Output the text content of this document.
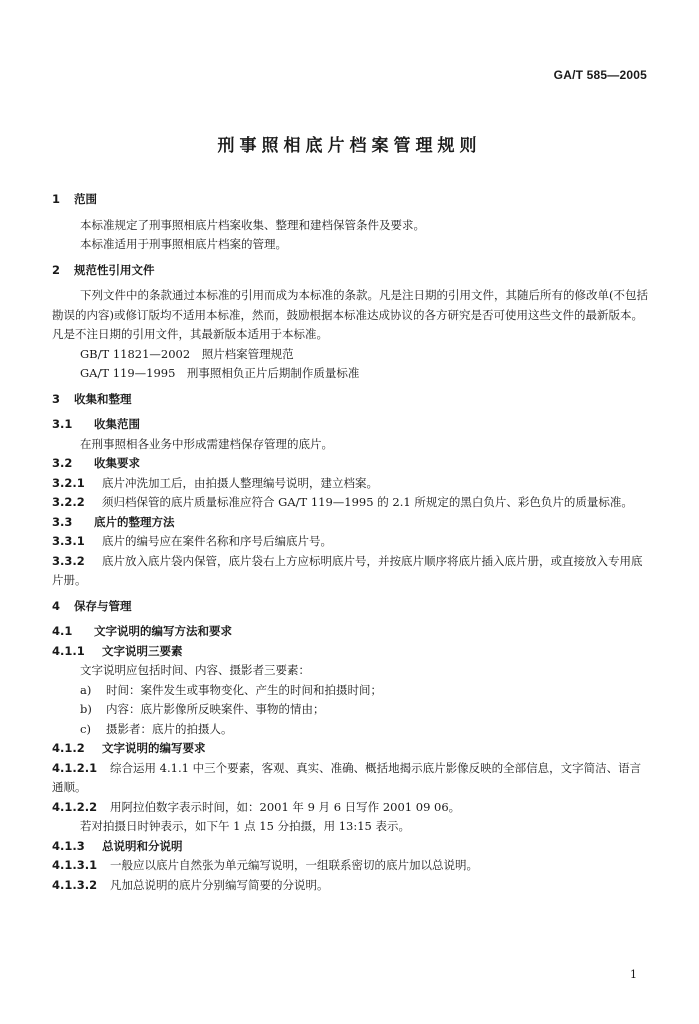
GA/T 585—2005
刑事照相底片档案管理规则

1 范围

本标准规定了刑事照相底片档案收集、整理和建档保管条件及要求。

本标准适用于刑事照相底片档案的管理。

2 规范性引用文件

下列文件中的条款通过本标准的引用而成为本标准的条款。凡是注日期的引用文件，其随后所有的修改单(不包括勘误的内容)或修订版均不适用本标准，然而，鼓励根据本标准达成协议的各方研究是否可使用这些文件的最新版本。凡是不注日期的引用文件，其最新版本适用于本标准。

GB/T 11821—2002　照片档案管理规范

GA/T 119—1995　刑事照相负正片后期制作质量标准

3 收集和整理

3.1 收集范围

在刑事照相各业务中形成需建档保存管理的底片。

3.2 收集要求

3.2.1 底片冲洗加工后，由拍摄人整理编号说明，建立档案。

3.2.2 须归档保管的底片质量标准应符合 GA/T 119—1995 的 2.1 所规定的黑白负片、彩色负片的质量标准。

3.3 底片的整理方法

3.3.1 底片的编号应在案件名称和序号后编底片号。

3.3.2 底片放入底片袋内保管，底片袋右上方应标明底片号，并按底片顺序将底片插入底片册，或直接放入专用底片册。

4 保存与管理

4.1 文字说明的编写方法和要求

4.1.1 文字说明三要素

文字说明应包括时间、内容、摄影者三要素：

a) 时间：案件发生或事物变化、产生的时间和拍摄时间；

b) 内容：底片影像所反映案件、事物的情由；

c) 摄影者：底片的拍摄人。

4.1.2 文字说明的编写要求

4.1.2.1 综合运用 4.1.1 中三个要素，客观、真实、准确、概括地揭示底片影像反映的全部信息，文字简洁、语言通顺。

4.1.2.2 用阿拉伯数字表示时间，如：2001 年 9 月 6 日写作 2001 09 06。

若对拍摄日时钟表示，如下午 1 点 15 分拍摄，用 13:15 表示。

4.1.3 总说明和分说明

4.1.3.1 一般应以底片自然张为单元编写说明，一组联系密切的底片加以总说明。

4.1.3.2 凡加总说明的底片分别编写简要的分说明。

1
